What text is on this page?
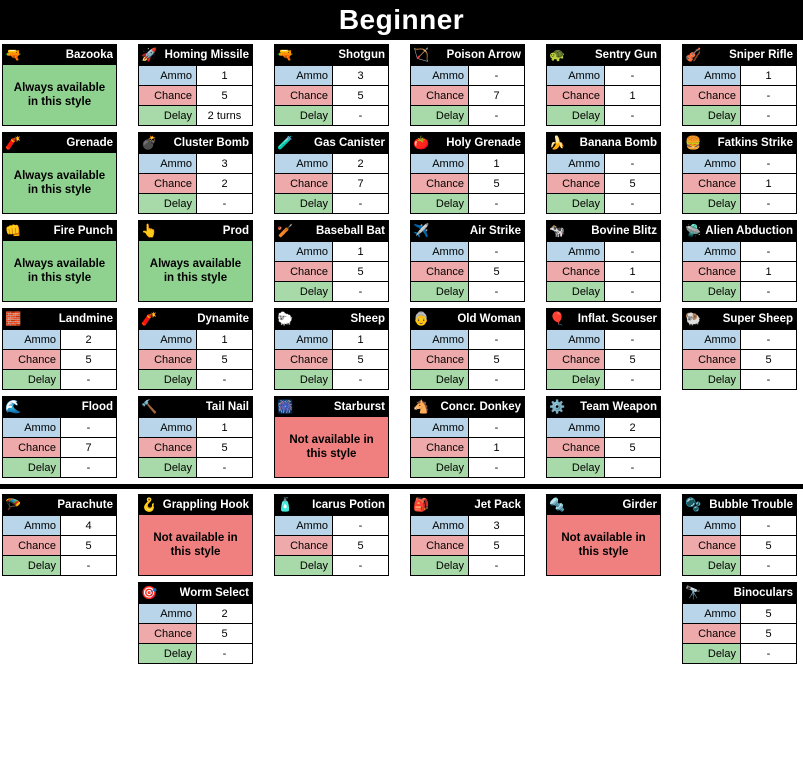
Beginner
🔫	Bazooka
Always available in this style
🚀 Homing Missile
Ammo	1
Chance	5
Delay	2 turns
🔫	Shotgun
Ammo	3
Chance	5
Delay	-
🏹 Poison Arrow
Ammo	-
Chance	7
Delay	-
🐢	Sentry Gun
Ammo	-
Chance	1
Delay	-
🎻 Sniper Rifle
Ammo	1
Chance	-
Delay	-
🧨	Grenade
Always available in this style
💣 Cluster Bomb
Ammo	3
Chance	2
Delay	-
🧪 Gas Canister
Ammo	2
Chance	7
Delay	-
🍅 Holy Grenade
Ammo	1
Chance	5
Delay	-
🍌 Banana Bomb
Ammo	-
Chance	5
Delay	-
🍔 Fatkins Strike
Ammo	-
Chance	1
Delay	-
👊	Fire Punch
Always available in this style
👆	Prod
Always available in this style
🏏 Baseball Bat
Ammo	1
Chance	5
Delay	-
✈️	Air Strike
Ammo	-
Chance	5
Delay	-
🐄 Bovine Blitz
Ammo	-
Chance	1
Delay	-
🛸 Alien Abduction
Ammo	-
Chance	1
Delay	-
🧱	Landmine
Ammo	2
Chance	5
Delay	-
🧨	Dynamite
Ammo	1
Chance	5
Delay	-
🐑	Sheep
Ammo	1
Chance	5
Delay	-
👵 Old Woman
Ammo	-
Chance	5
Delay	-
🎈 Inflat. Scouser
Ammo	-
Chance	5
Delay	-
🐏 Super Sheep
Ammo	-
Chance	5
Delay	-
🌊	Flood
Ammo	-
Chance	7
Delay	-
🔨	Tail Nail
Ammo	1
Chance	5
Delay	-
🎆	Starburst
Not available in this style
🐴 Concr. Donkey
Ammo	-
Chance	1
Delay	-
⚙️ Team Weapon
Ammo	2
Chance	5
Delay	-
🪂	Parachute
Ammo	4
Chance	5
Delay	-
🪝 Grappling Hook
Not available in this style
🧴 Icarus Potion
Ammo	-
Chance	5
Delay	-
🎒	Jet Pack
Ammo	3
Chance	5
Delay	-
🔩	Girder
Not available in this style
🫧 Bubble Trouble
Ammo	-
Chance	5
Delay	-
🎯 Worm Select
Ammo	2
Chance	5
Delay	-
🔭	Binoculars
Ammo	5
Chance	5
Delay	-
